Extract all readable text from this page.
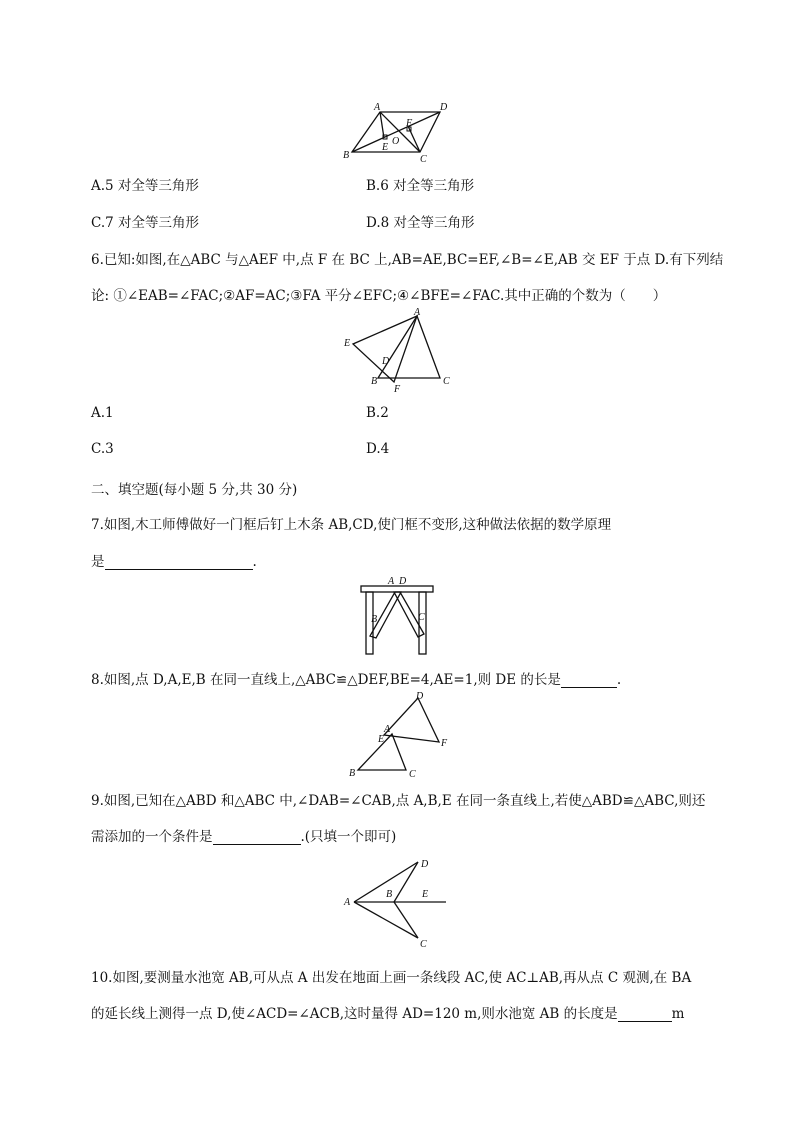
A	D
F
O
E
B	C
A.5 对全等三角形	B.6 对全等三角形
C.7 对全等三角形	D.8 对全等三角形
6.已知:如图,在△ABC 与△AEF 中,点 F 在 BC 上,AB=AE,BC=EF,∠B=∠E,AB 交 EF 于点 D.有下列结
论: ①∠EAB=∠FAC;②AF=AC;③FA 平分∠EFC;④∠BFE=∠FAC.其中正确的个数为（　　）
A
E
D
B
F
C
A.1	B.2
C.3	D.4
二、填空题(每小题 5 分,共 30 分)
7.如图,木工师傅做好一门框后钉上木条 AB,CD,使门框不变形,这种做法依据的数学原理
是	.
A D
B	C
8.如图,点 D,A,E,B 在同一直线上,△ABC≌△DEF,BE=4,AE=1,则 DE 的长是	.
D
A
E	F
B	C
9.如图,已知在△ABD 和△ABC 中,∠DAB=∠CAB,点 A,B,E 在同一条直线上,若使△ABD≌△ABC,则还
需添加的一个条件是	.(只填一个即可)
D
A
B	E
C
10.如图,要测量水池宽 AB,可从点 A 出发在地面上画一条线段 AC,使 AC⊥AB,再从点 C 观测,在 BA
的延长线上测得一点 D,使∠ACD=∠ACB,这时量得 AD=120 m,则水池宽 AB 的长度是	m
